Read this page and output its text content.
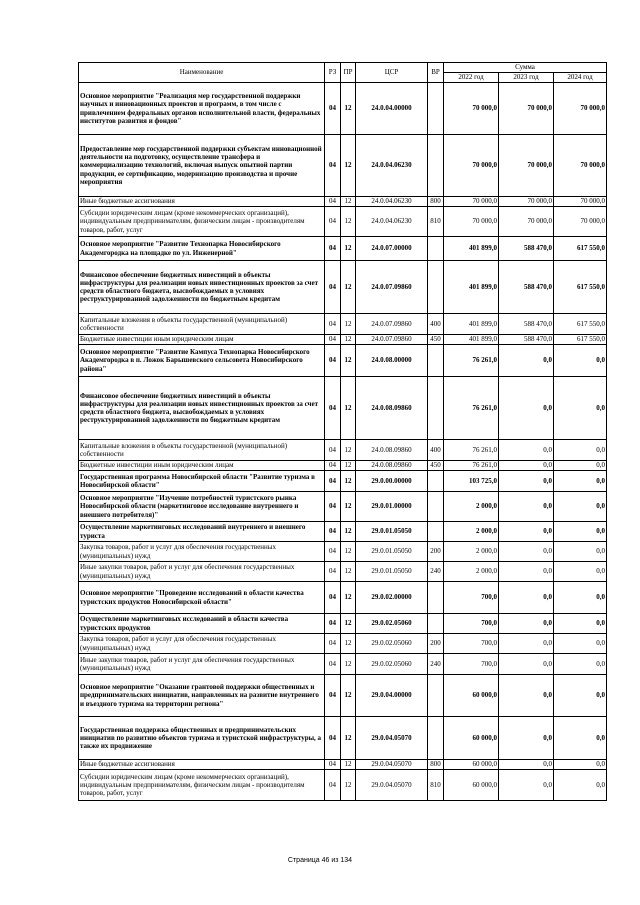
Наименование	РЗ	ПР	ЦСР	ВР	Сумма		
					2022 год	2023 год	2024 год
Основное мероприятие "Реализация мер государственной поддержки научных и инновационных проектов и программ, в том числе с привлечением федеральных органов исполнительной власти, федеральных институтов развития и фондов"	04	12	24.0.04.00000		70 000,0	70 000,0	70 000,0
Предоставление мер государственной поддержки субъектам инновационной деятельности на подготовку, осуществление трансфера и коммерциализацию технологий, включая выпуск опытной партии продукции, ее сертификацию, модернизацию производства и прочие мероприятия	04	12	24.0.04.06230		70 000,0	70 000,0	70 000,0
Иные бюджетные ассигнования	04	12	24.0.04.06230	800	70 000,0	70 000,0	70 000,0
Субсидии юридическим лицам (кроме некоммерческих организаций), индивидуальным предпринимателям, физическим лицам - производителям товаров, работ, услуг	04	12	24.0.04.06230	810	70 000,0	70 000,0	70 000,0
Основное мероприятие "Развитие Технопарка Новосибирского Академгородка на площадке по ул. Инженерной"	04	12	24.0.07.00000		401 899,0	588 470,0	617 550,0
Финансовое обеспечение бюджетных инвестиций в объекты инфраструктуры для реализации новых инвестиционных проектов за счет средств областного бюджета, высвобождаемых в условиях реструктурированной задолженности по бюджетным кредитам	04	12	24.0.07.09860		401 899,0	588 470,0	617 550,0
Капитальные вложения в объекты государственной (муниципальной) собственности	04	12	24.0.07.09860	400	401 899,0	588 470,0	617 550,0
Бюджетные инвестиции иным юридическим лицам	04	12	24.0.07.09860	450	401 899,0	588 470,0	617 550,0
Основное мероприятие "Развитие Кампуса Технопарка Новосибирского Академгородка в п. Ложок Барышевского сельсовета Новосибирского района"	04	12	24.0.08.00000		76 261,0	0,0	0,0
Финансовое обеспечение бюджетных инвестиций в объекты инфраструктуры для реализации новых инвестиционных проектов за счет средств областного бюджета, высвобождаемых в условиях реструктурированной задолженности по бюджетным кредитам	04	12	24.0.08.09860		76 261,0	0,0	0,0
Капитальные вложения в объекты государственной (муниципальной) собственности	04	12	24.0.08.09860	400	76 261,0	0,0	0,0
Бюджетные инвестиции иным юридическим лицам	04	12	24.0.08.09860	450	76 261,0	0,0	0,0
Государственная программа Новосибирской области "Развитие туризма в Новосибирской области"	04	12	29.0.00.00000		103 725,0	0,0	0,0
Основное мероприятие "Изучение потребностей туристского рынка Новосибирской области (маркетинговое исследование внутреннего и внешнего потребителя)"	04	12	29.0.01.00000		2 000,0	0,0	0,0
Осуществление маркетинговых исследований внутреннего и внешнего туриста	04	12	29.0.01.05050		2 000,0	0,0	0,0
Закупка товаров, работ и услуг для обеспечения государственных (муниципальных) нужд	04	12	29.0.01.05050	200	2 000,0	0,0	0,0
Иные закупки товаров, работ и услуг для обеспечения государственных (муниципальных) нужд	04	12	29.0.01.05050	240	2 000,0	0,0	0,0
Основное мероприятие "Проведение исследований в области качества туристских продуктов Новосибирской области"	04	12	29.0.02.00000		700,0	0,0	0,0
Осуществление маркетинговых исследований в области качества туристских продуктов	04	12	29.0.02.05060		700,0	0,0	0,0
Закупка товаров, работ и услуг для обеспечения государственных (муниципальных) нужд	04	12	29.0.02.05060	200	700,0	0,0	0,0
Иные закупки товаров, работ и услуг для обеспечения государственных (муниципальных) нужд	04	12	29.0.02.05060	240	700,0	0,0	0,0
Основное мероприятие "Оказание грантовой поддержки общественных и предпринимательских инициатив, направленных на развитие внутреннего и въездного туризма на территории региона"	04	12	29.0.04.00000		60 000,0	0,0	0,0
Государственная поддержка общественных и предпринимательских инициатив по развитию объектов туризма и туристской инфраструктуры, а также их продвижение	04	12	29.0.04.05070		60 000,0	0,0	0,0
Иные бюджетные ассигнования	04	12	29.0.04.05070	800	60 000,0	0,0	0,0
Субсидии юридическим лицам (кроме некоммерческих организаций), индивидуальным предпринимателям, физическим лицам - производителям товаров, работ, услуг	04	12	29.0.04.05070	810	60 000,0	0,0	0,0
Страница 46 из 134
